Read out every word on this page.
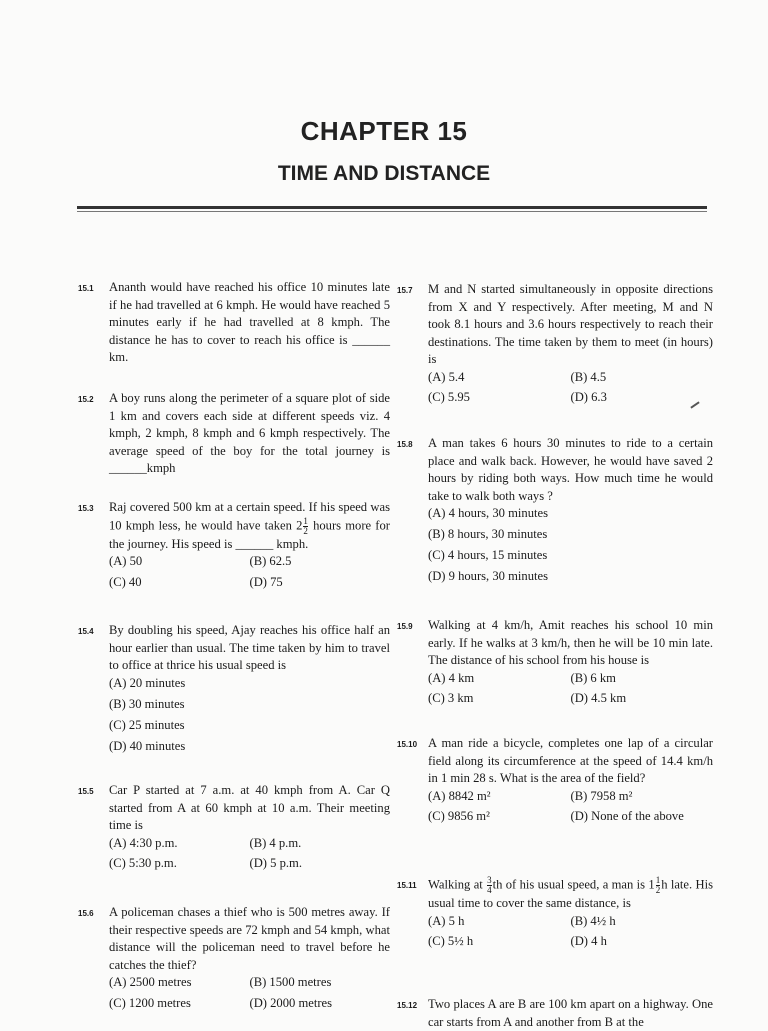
CHAPTER 15
TIME AND DISTANCE
15.1 Ananth would have reached his office 10 minutes late if he had travelled at 6 kmph. He would have reached 5 minutes early if he had travelled at 8 kmph. The distance he has to cover to reach his office is ______ km.
15.2 A boy runs along the perimeter of a square plot of side 1 km and covers each side at different speeds viz. 4 kmph, 2 kmph, 8 kmph and 6 kmph respectively. The average speed of the boy for the total journey is ______kmph
15.3 Raj covered 500 km at a certain speed. If his speed was 10 kmph less, he would have taken $2 \frac{1}{2}$ hours more for the journey. His speed is ______ kmph.
(A) 50	(B) 62.5
(C) 40	(D) 75
15.4 By doubling his speed, Ajay reaches his office half an hour earlier than usual. The time taken by him to travel to office at thrice his usual speed is
(A) 20 minutes
(B) 30 minutes
(C) 25 minutes
(D) 40 minutes
15.5 Car P started at 7 a.m. at 40 kmph from A. Car Q started from A at 60 kmph at 10 a.m. Their meeting time is
(A) 4:30 p.m.	(B) 4 p.m.
(C) 5:30 p.m.	(D) 5 p.m.
15.6 A policeman chases a thief who is 500 metres away. If their respective speeds are 72 kmph and 54 kmph, what distance will the policeman need to travel before he catches the thief?
(A) 2500 metres	(B) 1500 metres
(C) 1200 metres	(D) 2000 metres
15.7 M and N started simultaneously in opposite directions from X and Y respectively. After meeting, M and N took 8.1 hours and 3.6 hours respectively to reach their destinations. The time taken by them to meet (in hours) is
(A) 5.4	(B) 4.5
(C) 5.95	(D) 6.3
15.8 A man takes 6 hours 30 minutes to ride to a certain place and walk back. However, he would have saved 2 hours by riding both ways. How much time he would take to walk both ways ?
(A) 4 hours, 30 minutes
(B) 8 hours, 30 minutes
(C) 4 hours, 15 minutes
(D) 9 hours, 30 minutes
15.9 Walking at 4 km/h, Amit reaches his school 10 min early. If he walks at 3 km/h, then he will be 10 min late. The distance of his school from his house is
(A) 4 km	(B) 6 km
(C) 3 km	(D) 4.5 km
15.10 A man ride a bicycle, completes one lap of a circular field along its circumference at the speed of 14.4 km/h in 1 min 28 s. What is the area of the field?
(A) 8842 m²	(B) 7958 m²
(C) 9856 m²	(D) None of the above
15.11 Walking at $\frac{3}{4}$ th of his usual speed, a man is $1 \frac{1}{2}$ h late. His usual time to cover the same distance, is
(A) 5 h	(B) 4½ h
(C) 5½ h	(D) 4 h
15.12 Two places A are B are 100 km apart on a highway. One car starts from A and another from B at the
